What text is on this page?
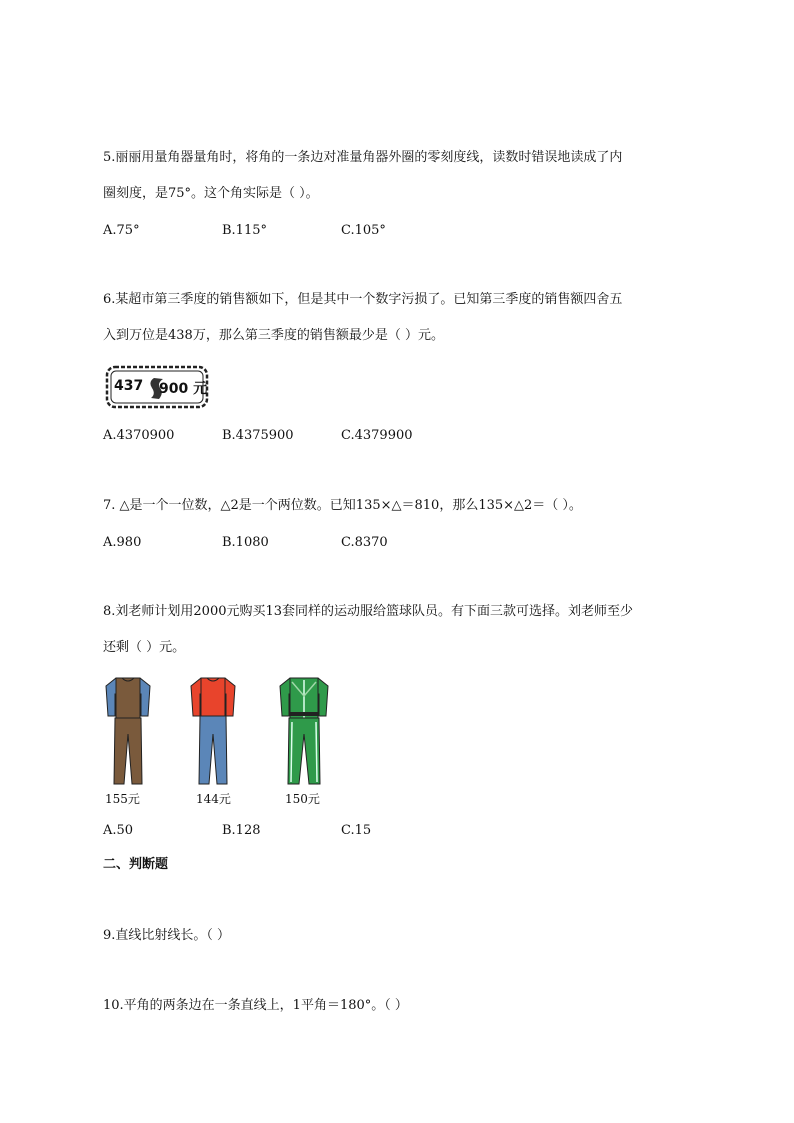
5.丽丽用量角器量角时，将角的一条边对准量角器外圈的零刻度线，读数时错误地读成了内
圈刻度，是75°。这个角实际是（ ）。
A.75°	B.115°	C.105°
6.某超市第三季度的销售额如下，但是其中一个数字污损了。已知第三季度的销售额四舍五
入到万位是438万，那么第三季度的销售额最少是（ ）元。
437 900 元
A.4370900	B.4375900	C.4379900
7. △是一个一位数，△2是一个两位数。已知135×△＝810，那么135×△2＝（ ）。
A.980	B.1080	C.8370
8.刘老师计划用2000元购买13套同样的运动服给篮球队员。有下面三款可选择。刘老师至少
还剩（ ）元。
155元	144元	150元
A.50	B.128	C.15
二、判断题
9.直线比射线长。（ ）
10.平角的两条边在一条直线上，1平角＝180°。（ ）
